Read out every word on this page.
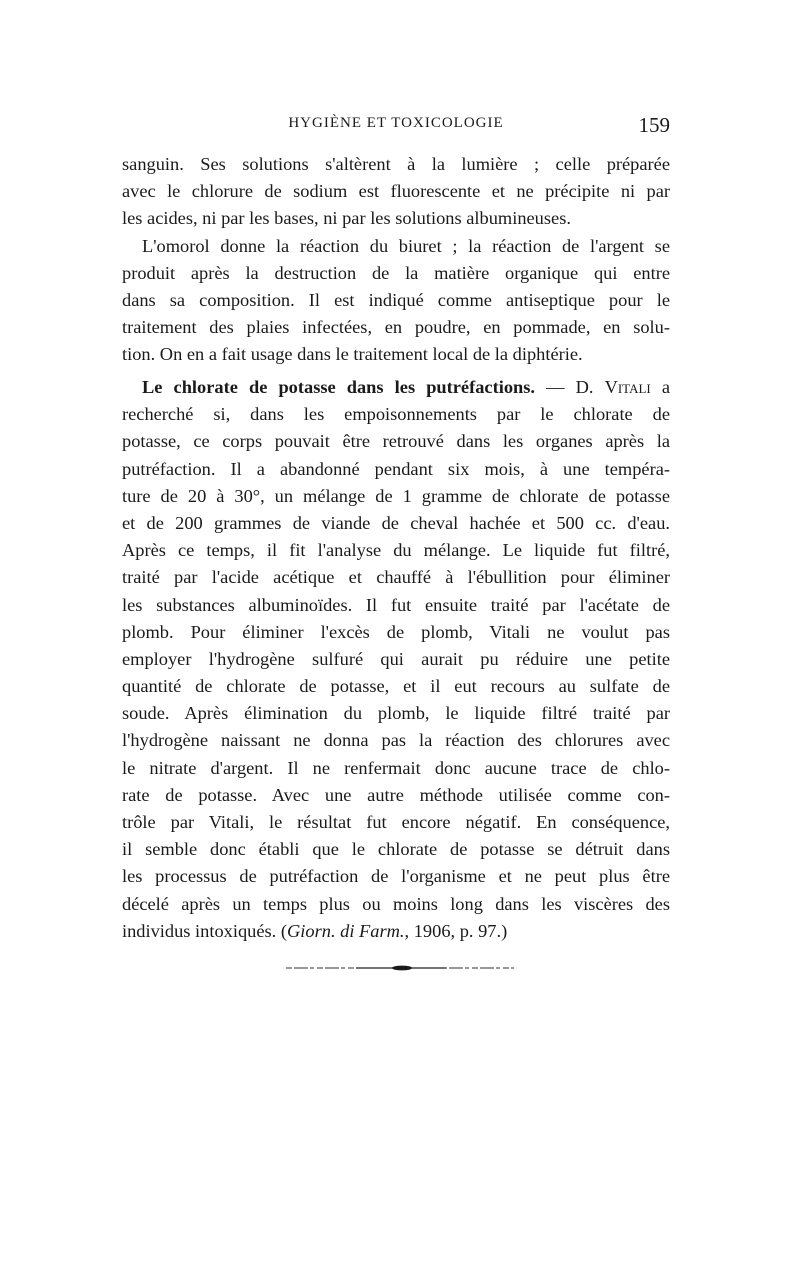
HYGIÈNE ET TOXICOLOGIE	159
sanguin. Ses solutions s'altèrent à la lumière ; celle préparée
avec le chlorure de sodium est fluorescente et ne précipite ni par
les acides, ni par les bases, ni par les solutions albumineuses.
L'omorol donne la réaction du biuret ; la réaction de l'argent se
produit après la destruction de la matière organique qui entre
dans sa composition. Il est indiqué comme antiseptique pour le
traitement des plaies infectées, en poudre, en pommade, en solu-
tion. On en a fait usage dans le traitement local de la diphtérie.
Le chlorate de potasse dans les putréfactions. — D. Vitali a
recherché si, dans les empoisonnements par le chlorate de
potasse, ce corps pouvait être retrouvé dans les organes après la
putréfaction. Il a abandonné pendant six mois, à une tempéra-
ture de 20 à 30°, un mélange de 1 gramme de chlorate de potasse
et de 200 grammes de viande de cheval hachée et 500 cc. d'eau.
Après ce temps, il fit l'analyse du mélange. Le liquide fut filtré,
traité par l'acide acétique et chauffé à l'ébullition pour éliminer
les substances albuminoïdes. Il fut ensuite traité par l'acétate de
plomb. Pour éliminer l'excès de plomb, Vitali ne voulut pas
employer l'hydrogène sulfuré qui aurait pu réduire une petite
quantité de chlorate de potasse, et il eut recours au sulfate de
soude. Après élimination du plomb, le liquide filtré traité par
l'hydrogène naissant ne donna pas la réaction des chlorures avec
le nitrate d'argent. Il ne renfermait donc aucune trace de chlo-
rate de potasse. Avec une autre méthode utilisée comme con-
trôle par Vitali, le résultat fut encore négatif. En conséquence,
il semble donc établi que le chlorate de potasse se détruit dans
les processus de putréfaction de l'organisme et ne peut plus être
décelé après un temps plus ou moins long dans les viscères des
individus intoxiqués. (Giorn. di Farm., 1906, p. 97.)
